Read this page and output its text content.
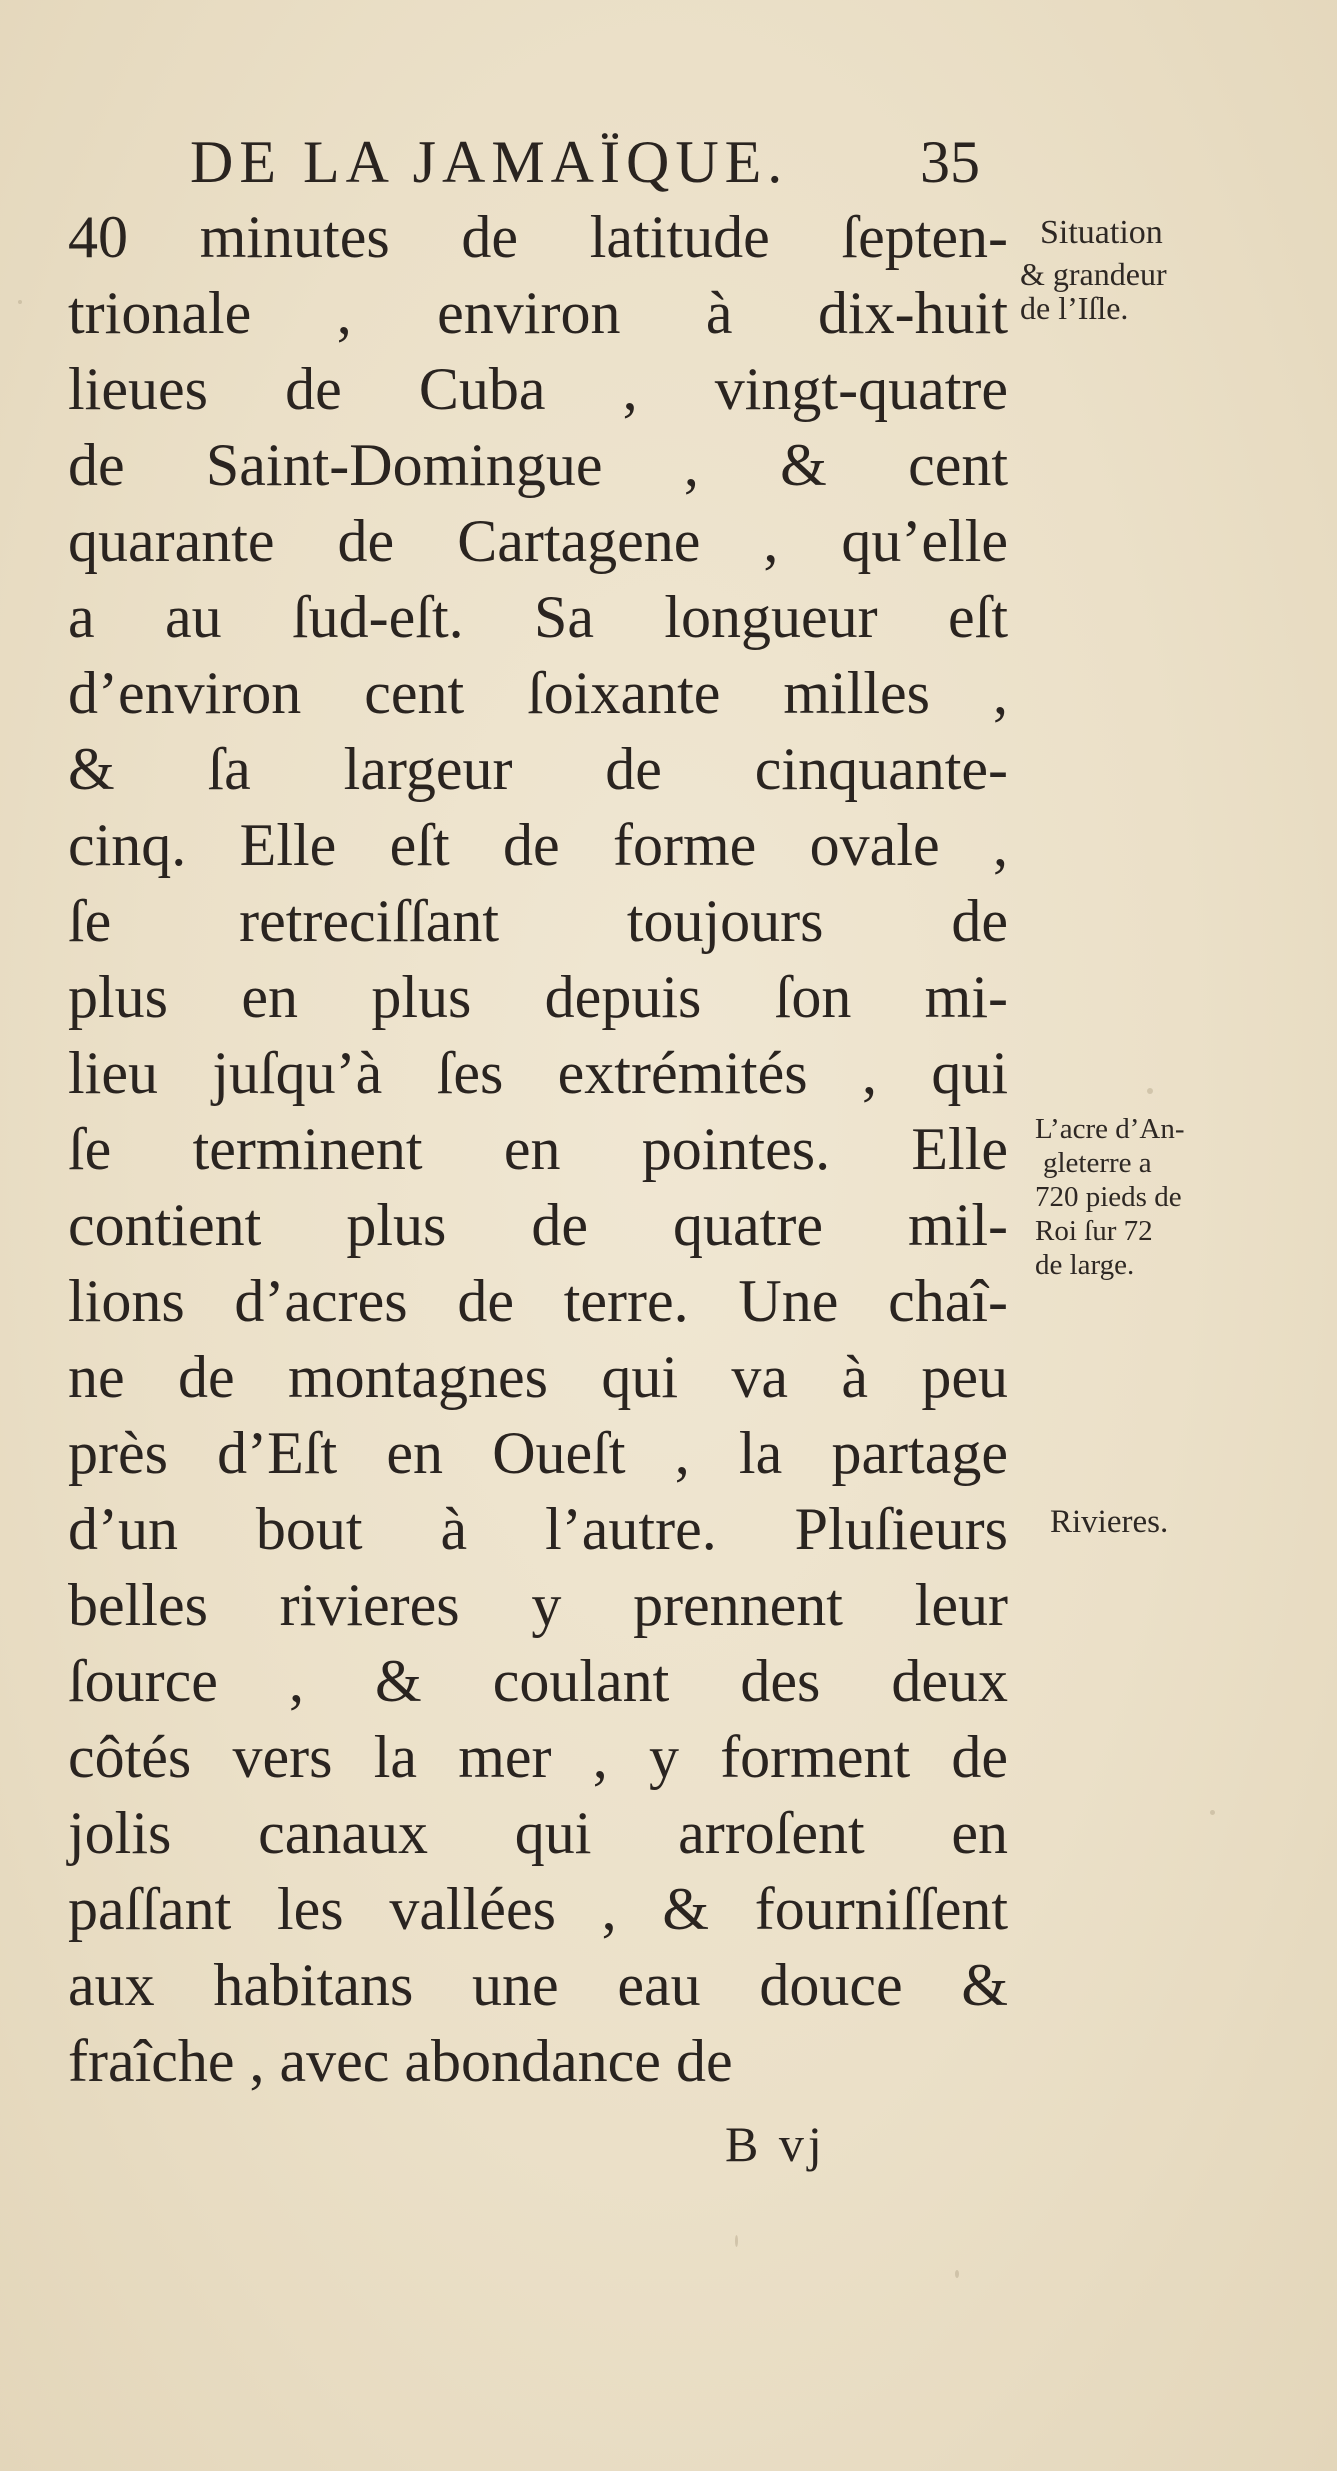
DE LA JAMAÏQUE. 35
40 minutes de latitude ſepten-
trionale , environ à dix-huit
lieues de Cuba , vingt-quatre
de Saint-Domingue , & cent
quarante de Cartagene , qu’elle
a au ſud-eſt. Sa longueur eſt
d’environ cent ſoixante milles ,
& ſa largeur de cinquante-
cinq. Elle eſt de forme ovale ,
ſe retreciſſant toujours de
plus en plus depuis ſon mi-
lieu juſqu’à ſes extrémités , qui
ſe terminent en pointes. Elle
contient plus de quatre mil-
lions d’acres de terre. Une chaî-
ne de montagnes qui va à peu
près d’Eſt en Oueſt , la partage
d’un bout à l’autre. Pluſieurs
belles rivieres y prennent leur
ſource , & coulant des deux
côtés vers la mer , y forment de
jolis canaux qui arroſent en
paſſant les vallées , & fourniſſent
aux habitans une eau douce &
fraîche , avec abondance de
Situation
& grandeur
de l’Iſle.
L’acre d’An-
gleterre a
720 pieds de
Roi ſur 72
de large.
Rivieres.
B vj
